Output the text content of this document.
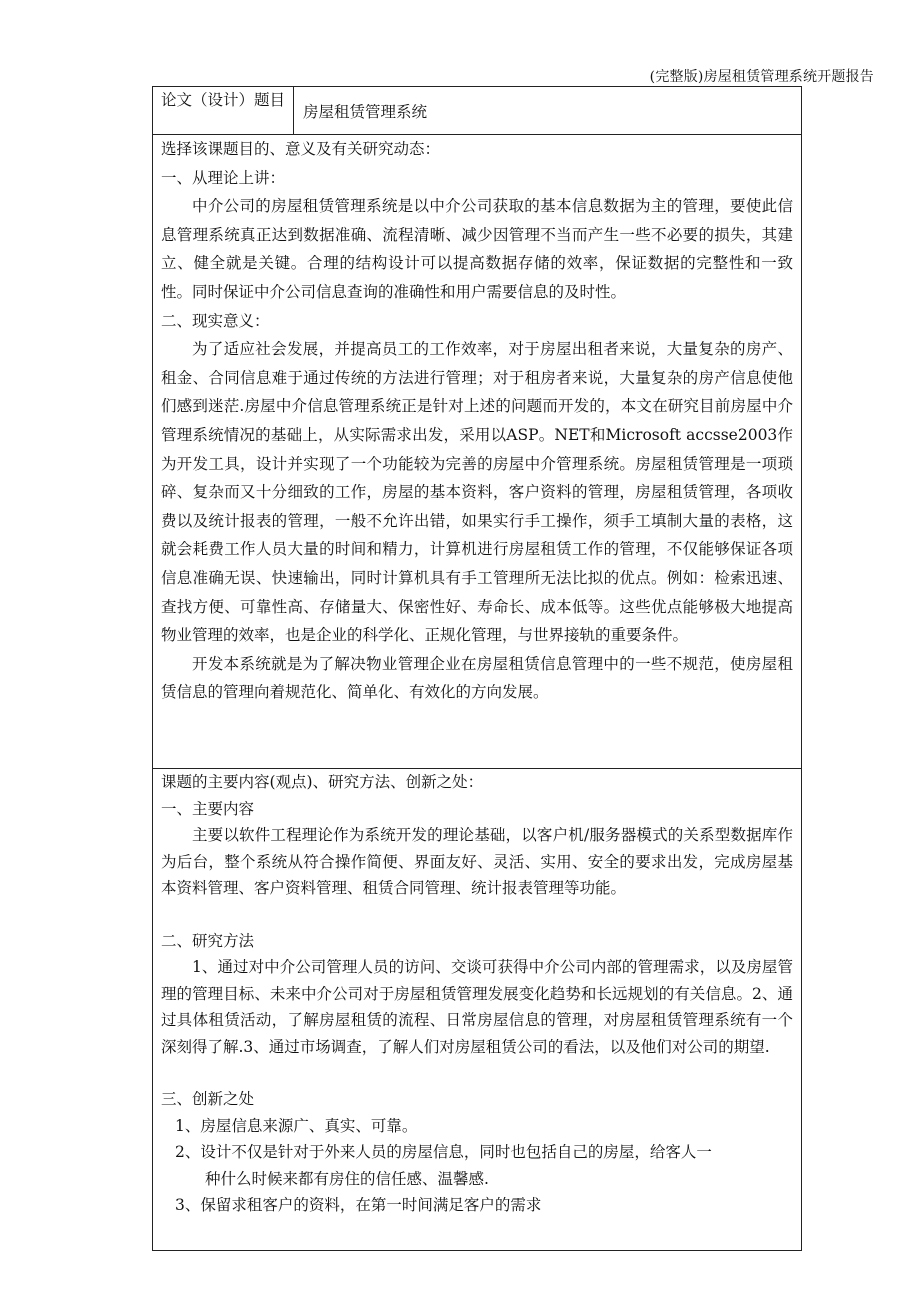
(完整版)房屋租赁管理系统开题报告
论文（设计）题目
房屋租赁管理系统

选择该课题目的、意义及有关研究动态：

一、从理论上讲：

中介公司的房屋租赁管理系统是以中介公司获取的基本信息数据为主的管理，要使此信息管理系统真正达到数据准确、流程清晰、减少因管理不当而产生一些不必要的损失，其建立、健全就是关键。合理的结构设计可以提高数据存储的效率，保证数据的完整性和一致性。同时保证中介公司信息查询的准确性和用户需要信息的及时性。

二、现实意义：

为了适应社会发展，并提高员工的工作效率，对于房屋出租者来说，大量复杂的房产、租金、合同信息难于通过传统的方法进行管理；对于租房者来说，大量复杂的房产信息使他们感到迷茫.房屋中介信息管理系统正是针对上述的问题而开发的，本文在研究目前房屋中介管理系统情况的基础上，从实际需求出发，采用以ASP。NET和Microsoft accsse2003作为开发工具，设计并实现了一个功能较为完善的房屋中介管理系统。房屋租赁管理是一项琐碎、复杂而又十分细致的工作，房屋的基本资料，客户资料的管理，房屋租赁管理，各项收费以及统计报表的管理，一般不允许出错，如果实行手工操作，须手工填制大量的表格，这就会耗费工作人员大量的时间和精力，计算机进行房屋租赁工作的管理，不仅能够保证各项信息准确无误、快速输出，同时计算机具有手工管理所无法比拟的优点。例如：检索迅速、查找方便、可靠性高、存储量大、保密性好、寿命长、成本低等。这些优点能够极大地提高物业管理的效率，也是企业的科学化、正规化管理，与世界接轨的重要条件。

开发本系统就是为了解决物业管理企业在房屋租赁信息管理中的一些不规范，使房屋租赁信息的管理向着规范化、简单化、有效化的方向发展。

课题的主要内容(观点)、研究方法、创新之处：

一、主要内容

主要以软件工程理论作为系统开发的理论基础，以客户机/服务器模式的关系型数据库作为后台，整个系统从符合操作简便、界面友好、灵活、实用、安全的要求出发，完成房屋基本资料管理、客户资料管理、租赁合同管理、统计报表管理等功能。

二、研究方法

1、通过对中介公司管理人员的访问、交谈可获得中介公司内部的管理需求，以及房屋管理的管理目标、未来中介公司对于房屋租赁管理发展变化趋势和长远规划的有关信息。2、通过具体租赁活动，了解房屋租赁的流程、日常房屋信息的管理，对房屋租赁管理系统有一个深刻得了解.3、通过市场调查，了解人们对房屋租赁公司的看法，以及他们对公司的期望.

三、创新之处

1、房屋信息来源广、真实、可靠。

2、设计不仅是针对于外来人员的房屋信息，同时也包括自己的房屋，给客人一
种什么时候来都有房住的信任感、温馨感.

3、保留求租客户的资料，在第一时间满足客户的需求
